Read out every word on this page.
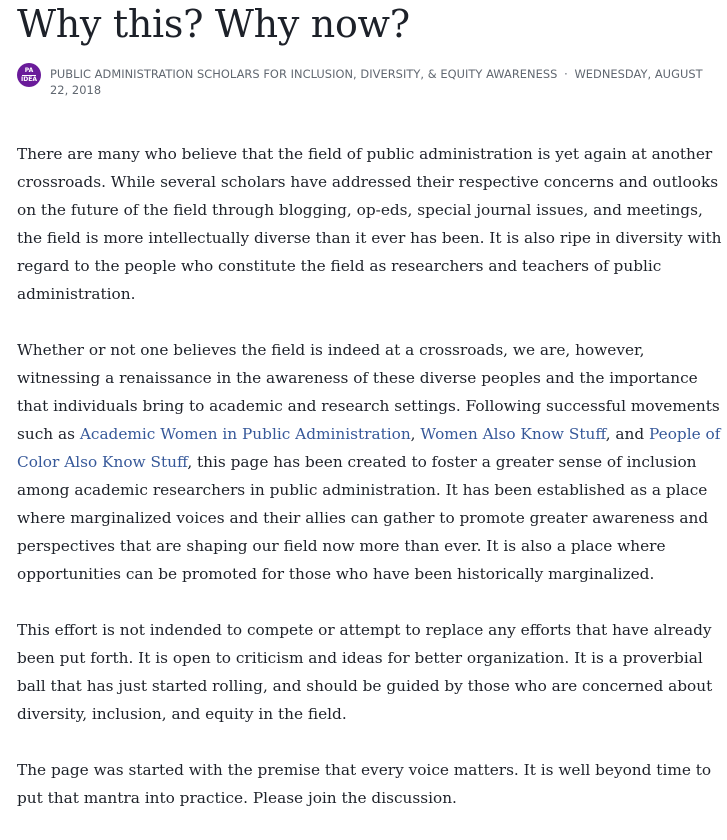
Why this? Why now?
PA
IDEA PUBLIC ADMINISTRATION SCHOLARS FOR INCLUSION, DIVERSITY, & EQUITY AWARENESS · WEDNESDAY, AUGUST 22, 2018

There are many who believe that the field of public administration is yet again at another crossroads. While several scholars have addressed their respective concerns and outlooks on the future of the field through blogging, op-eds, special journal issues, and meetings, the field is more intellectually diverse than it ever has been. It is also ripe in diversity with regard to the people who constitute the field as researchers and teachers of public administration.

Whether or not one believes the field is indeed at a crossroads, we are, however, witnessing a renaissance in the awareness of these diverse peoples and the importance that individuals bring to academic and research settings. Following successful movements such as Academic Women in Public Administration, Women Also Know Stuff, and People of Color Also Know Stuff, this page has been created to foster a greater sense of inclusion among academic researchers in public administration. It has been established as a place where marginalized voices and their allies can gather to promote greater awareness and perspectives that are shaping our field now more than ever. It is also a place where opportunities can be promoted for those who have been historically marginalized.

This effort is not indended to compete or attempt to replace any efforts that have already been put forth. It is open to criticism and ideas for better organization. It is a proverbial ball that has just started rolling, and should be guided by those who are concerned about diversity, inclusion, and equity in the field.

The page was started with the premise that every voice matters. It is well beyond time to put that mantra into practice. Please join the discussion.
